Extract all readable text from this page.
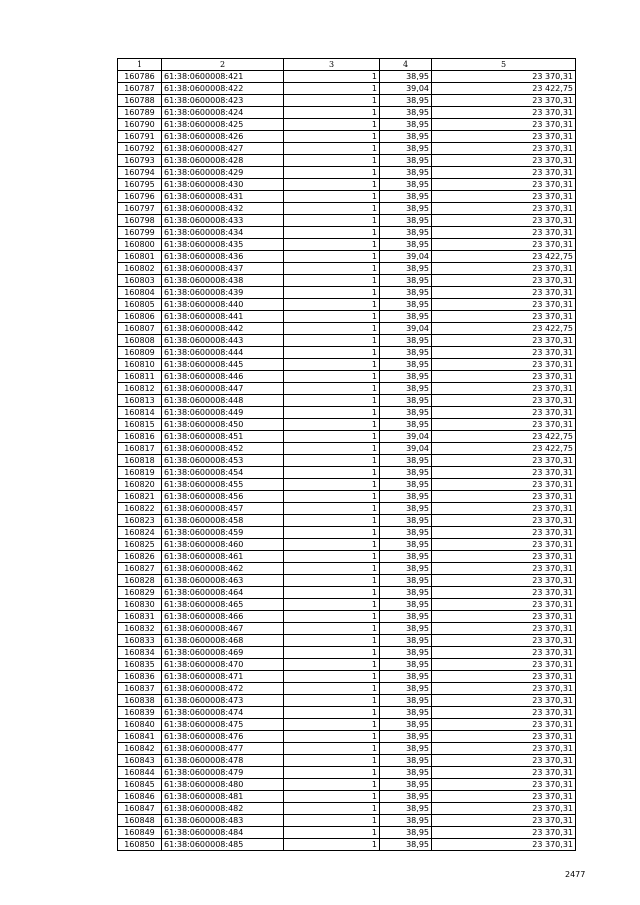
1	2	3	4	5
160786	61:38:0600008:421	1	38,95	23 370,31
160787	61:38:0600008:422	1	39,04	23 422,75
160788	61:38:0600008:423	1	38,95	23 370,31
160789	61:38:0600008:424	1	38,95	23 370,31
160790	61:38:0600008:425	1	38,95	23 370,31
160791	61:38:0600008:426	1	38,95	23 370,31
160792	61:38:0600008:427	1	38,95	23 370,31
160793	61:38:0600008:428	1	38,95	23 370,31
160794	61:38:0600008:429	1	38,95	23 370,31
160795	61:38:0600008:430	1	38,95	23 370,31
160796	61:38:0600008:431	1	38,95	23 370,31
160797	61:38:0600008:432	1	38,95	23 370,31
160798	61:38:0600008:433	1	38,95	23 370,31
160799	61:38:0600008:434	1	38,95	23 370,31
160800	61:38:0600008:435	1	38,95	23 370,31
160801	61:38:0600008:436	1	39,04	23 422,75
160802	61:38:0600008:437	1	38,95	23 370,31
160803	61:38:0600008:438	1	38,95	23 370,31
160804	61:38:0600008:439	1	38,95	23 370,31
160805	61:38:0600008:440	1	38,95	23 370,31
160806	61:38:0600008:441	1	38,95	23 370,31
160807	61:38:0600008:442	1	39,04	23 422,75
160808	61:38:0600008:443	1	38,95	23 370,31
160809	61:38:0600008:444	1	38,95	23 370,31
160810	61:38:0600008:445	1	38,95	23 370,31
160811	61:38:0600008:446	1	38,95	23 370,31
160812	61:38:0600008:447	1	38,95	23 370,31
160813	61:38:0600008:448	1	38,95	23 370,31
160814	61:38:0600008:449	1	38,95	23 370,31
160815	61:38:0600008:450	1	38,95	23 370,31
160816	61:38:0600008:451	1	39,04	23 422,75
160817	61:38:0600008:452	1	39,04	23 422,75
160818	61:38:0600008:453	1	38,95	23 370,31
160819	61:38:0600008:454	1	38,95	23 370,31
160820	61:38:0600008:455	1	38,95	23 370,31
160821	61:38:0600008:456	1	38,95	23 370,31
160822	61:38:0600008:457	1	38,95	23 370,31
160823	61:38:0600008:458	1	38,95	23 370,31
160824	61:38:0600008:459	1	38,95	23 370,31
160825	61:38:0600008:460	1	38,95	23 370,31
160826	61:38:0600008:461	1	38,95	23 370,31
160827	61:38:0600008:462	1	38,95	23 370,31
160828	61:38:0600008:463	1	38,95	23 370,31
160829	61:38:0600008:464	1	38,95	23 370,31
160830	61:38:0600008:465	1	38,95	23 370,31
160831	61:38:0600008:466	1	38,95	23 370,31
160832	61:38:0600008:467	1	38,95	23 370,31
160833	61:38:0600008:468	1	38,95	23 370,31
160834	61:38:0600008:469	1	38,95	23 370,31
160835	61:38:0600008:470	1	38,95	23 370,31
160836	61:38:0600008:471	1	38,95	23 370,31
160837	61:38:0600008:472	1	38,95	23 370,31
160838	61:38:0600008:473	1	38,95	23 370,31
160839	61:38:0600008:474	1	38,95	23 370,31
160840	61:38:0600008:475	1	38,95	23 370,31
160841	61:38:0600008:476	1	38,95	23 370,31
160842	61:38:0600008:477	1	38,95	23 370,31
160843	61:38:0600008:478	1	38,95	23 370,31
160844	61:38:0600008:479	1	38,95	23 370,31
160845	61:38:0600008:480	1	38,95	23 370,31
160846	61:38:0600008:481	1	38,95	23 370,31
160847	61:38:0600008:482	1	38,95	23 370,31
160848	61:38:0600008:483	1	38,95	23 370,31
160849	61:38:0600008:484	1	38,95	23 370,31
160850	61:38:0600008:485	1	38,95	23 370,31
2477
